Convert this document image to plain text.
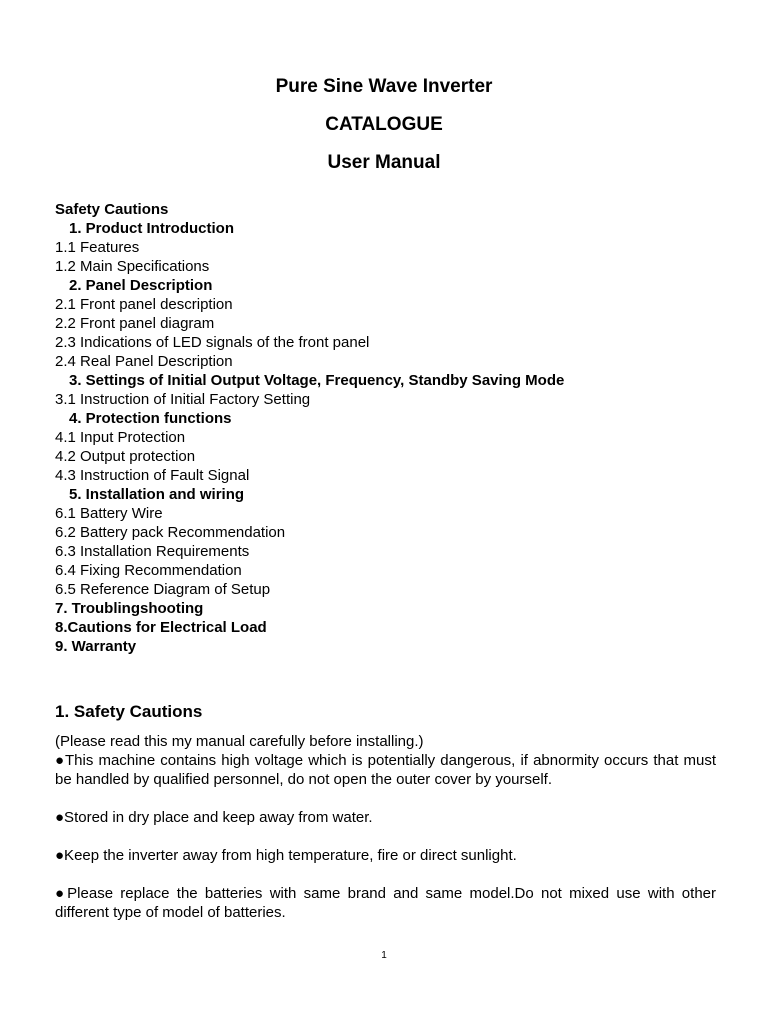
Pure Sine Wave Inverter
CATALOGUE
User Manual
Safety Cautions
1. Product Introduction
1.1 Features
1.2 Main Specifications
2. Panel Description
2.1 Front panel description
2.2 Front panel diagram
2.3 Indications of LED signals of the front panel
2.4 Real Panel Description
3. Settings of Initial Output Voltage, Frequency, Standby Saving Mode
3.1 Instruction of Initial Factory Setting
4. Protection functions
4.1 Input Protection
4.2 Output protection
4.3 Instruction of Fault Signal
5. Installation and wiring
6.1 Battery Wire
6.2 Battery pack Recommendation
6.3 Installation Requirements
6.4 Fixing Recommendation
6.5 Reference Diagram of Setup
7. Troublingshooting
8.Cautions for Electrical Load
9. Warranty
1. Safety Cautions
(Please read this my manual carefully before installing.)
●This machine contains high voltage which is potentially dangerous, if abnormity occurs that must be handled by qualified personnel, do not open the outer cover by yourself.
●Stored in dry place and keep away from water.
●Keep the inverter away from high temperature, fire or direct sunlight.
●Please replace the batteries with same brand and same model.Do not mixed use with other different type of model of batteries.
1
